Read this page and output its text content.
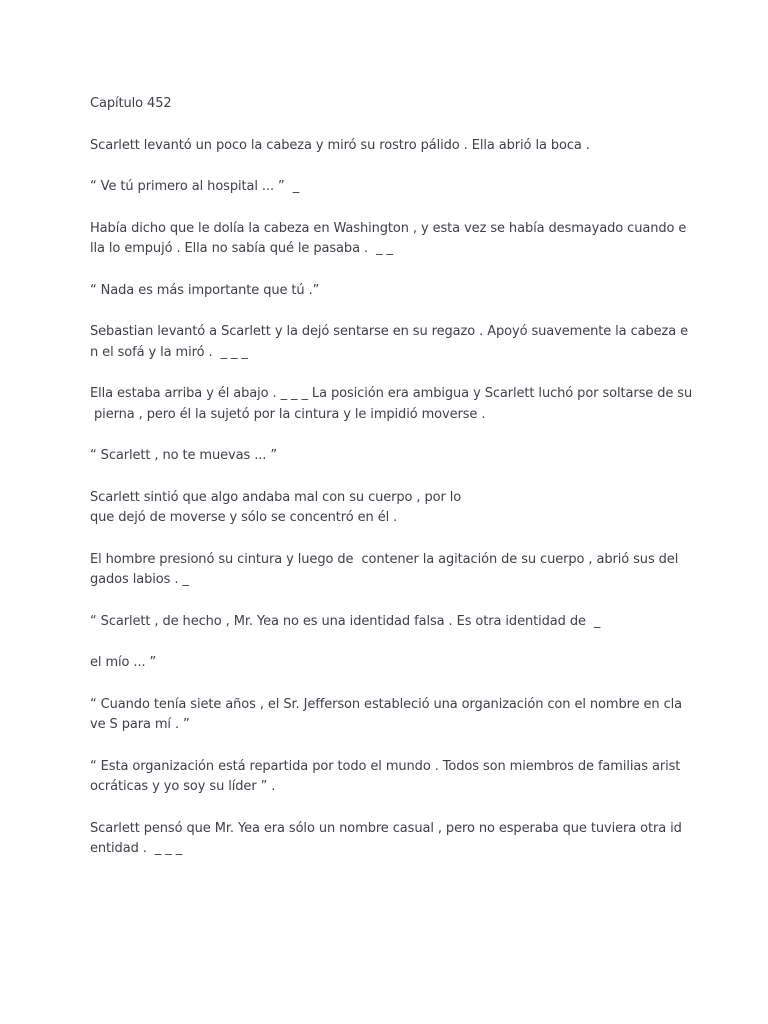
Capítulo 452

Scarlett levantó un poco la cabeza y miró su rostro pálido . Ella abrió la boca .

“ Ve tú primero al hospital ... ”  _

Había dicho que le dolía la cabeza en Washington , y esta vez se había desmayado cuando e
lla lo empujó . Ella no sabía qué le pasaba .  _ _

“ Nada es más importante que tú .”

Sebastian levantó a Scarlett y la dejó sentarse en su regazo . Apoyó suavemente la cabeza e
n el sofá y la miró .  _ _ _

Ella estaba arriba y él abajo . _ _ _ La posición era ambigua y Scarlett luchó por soltarse de su
pierna , pero él la sujetó por la cintura y le impidió moverse .

“ Scarlett , no te muevas ... ”

Scarlett sintió que algo andaba mal con su cuerpo , por lo
que dejó de moverse y sólo se concentró en él .

El hombre presionó su cintura y luego de  contener la agitación de su cuerpo , abrió sus del
gados labios . _

“ Scarlett , de hecho , Mr. Yea no es una identidad falsa . Es otra identidad de  _

el mío ... ”

“ Cuando tenía siete años , el Sr. Jefferson estableció una organización con el nombre en cla
ve S para mí . ”

“ Esta organización está repartida por todo el mundo . Todos son miembros de familias arist
ocráticas y yo soy su líder ” .

Scarlett pensó que Mr. Yea era sólo un nombre casual , pero no esperaba que tuviera otra id
entidad .  _ _ _
